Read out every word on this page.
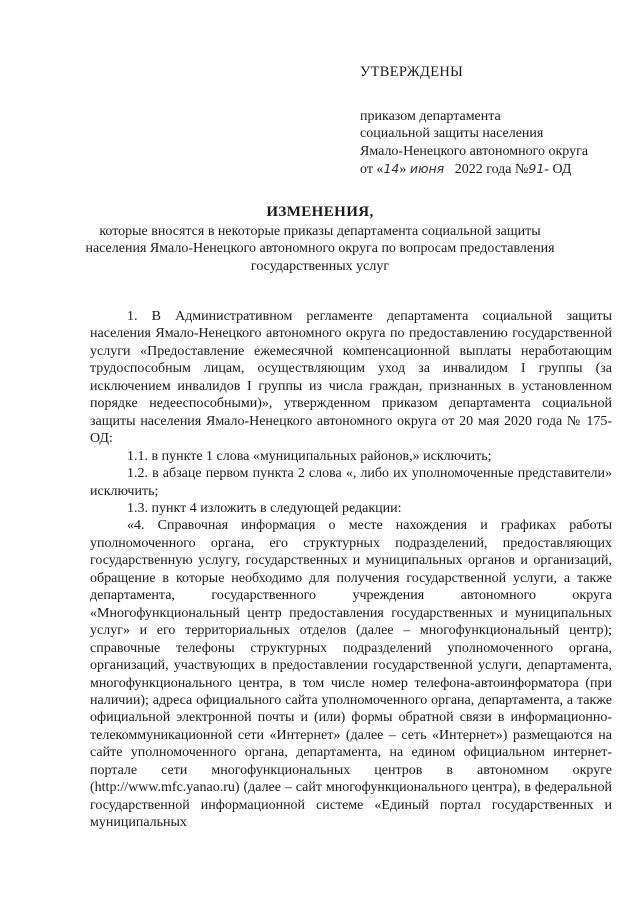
УТВЕРЖДЕНЫ
приказом департамента
социальной защиты населения
Ямало-Ненецкого автономного округа
от «14» июня 2022 года №91- ОД
ИЗМЕНЕНИЯ,
которые вносятся в некоторые приказы департамента социальной защиты
населения Ямало-Ненецкого автономного округа по вопросам предоставления
государственных услуг

1. В Административном регламенте департамента социальной защиты населения Ямало-Ненецкого автономного округа по предоставлению государственной услуги «Предоставление ежемесячной компенсационной выплаты неработающим трудоспособным лицам, осуществляющим уход за инвалидом I группы (за исключением инвалидов I группы из числа граждан, признанных в установленном порядке недееспособными)», утвержденном приказом департамента социальной защиты населения Ямало-Ненецкого автономного округа от 20 мая 2020 года № 175-ОД:

1.1. в пункте 1 слова «муниципальных районов,» исключить;

1.2. в абзаце первом пункта 2 слова «, либо их уполномоченные представители» исключить;

1.3. пункт 4 изложить в следующей редакции:

«4. Справочная информация о месте нахождения и графиках работы уполномоченного органа, его структурных подразделений, предоставляющих государственную услугу, государственных и муниципальных органов и организаций, обращение в которые необходимо для получения государственной услуги, а также департамента, государственного учреждения автономного округа «Многофункциональный центр предоставления государственных и муниципальных услуг» и его территориальных отделов (далее – многофункциональный центр); справочные телефоны структурных подразделений уполномоченного органа, организаций, участвующих в предоставлении государственной услуги, департамента, многофункционального центра, в том числе номер телефона-автоинформатора (при наличии); адреса официального сайта уполномоченного органа, департамента, а также официальной электронной почты и (или) формы обратной связи в информационно-телекоммуникационной сети «Интернет» (далее – сеть «Интернет») размещаются на сайте уполномоченного органа, департамента, на едином официальном интернет-портале сети многофункциональных центров в автономном округе (http://www.mfc.yanao.ru) (далее – сайт многофункционального центра), в федеральной государственной информационной системе «Единый портал государственных и муниципальных
